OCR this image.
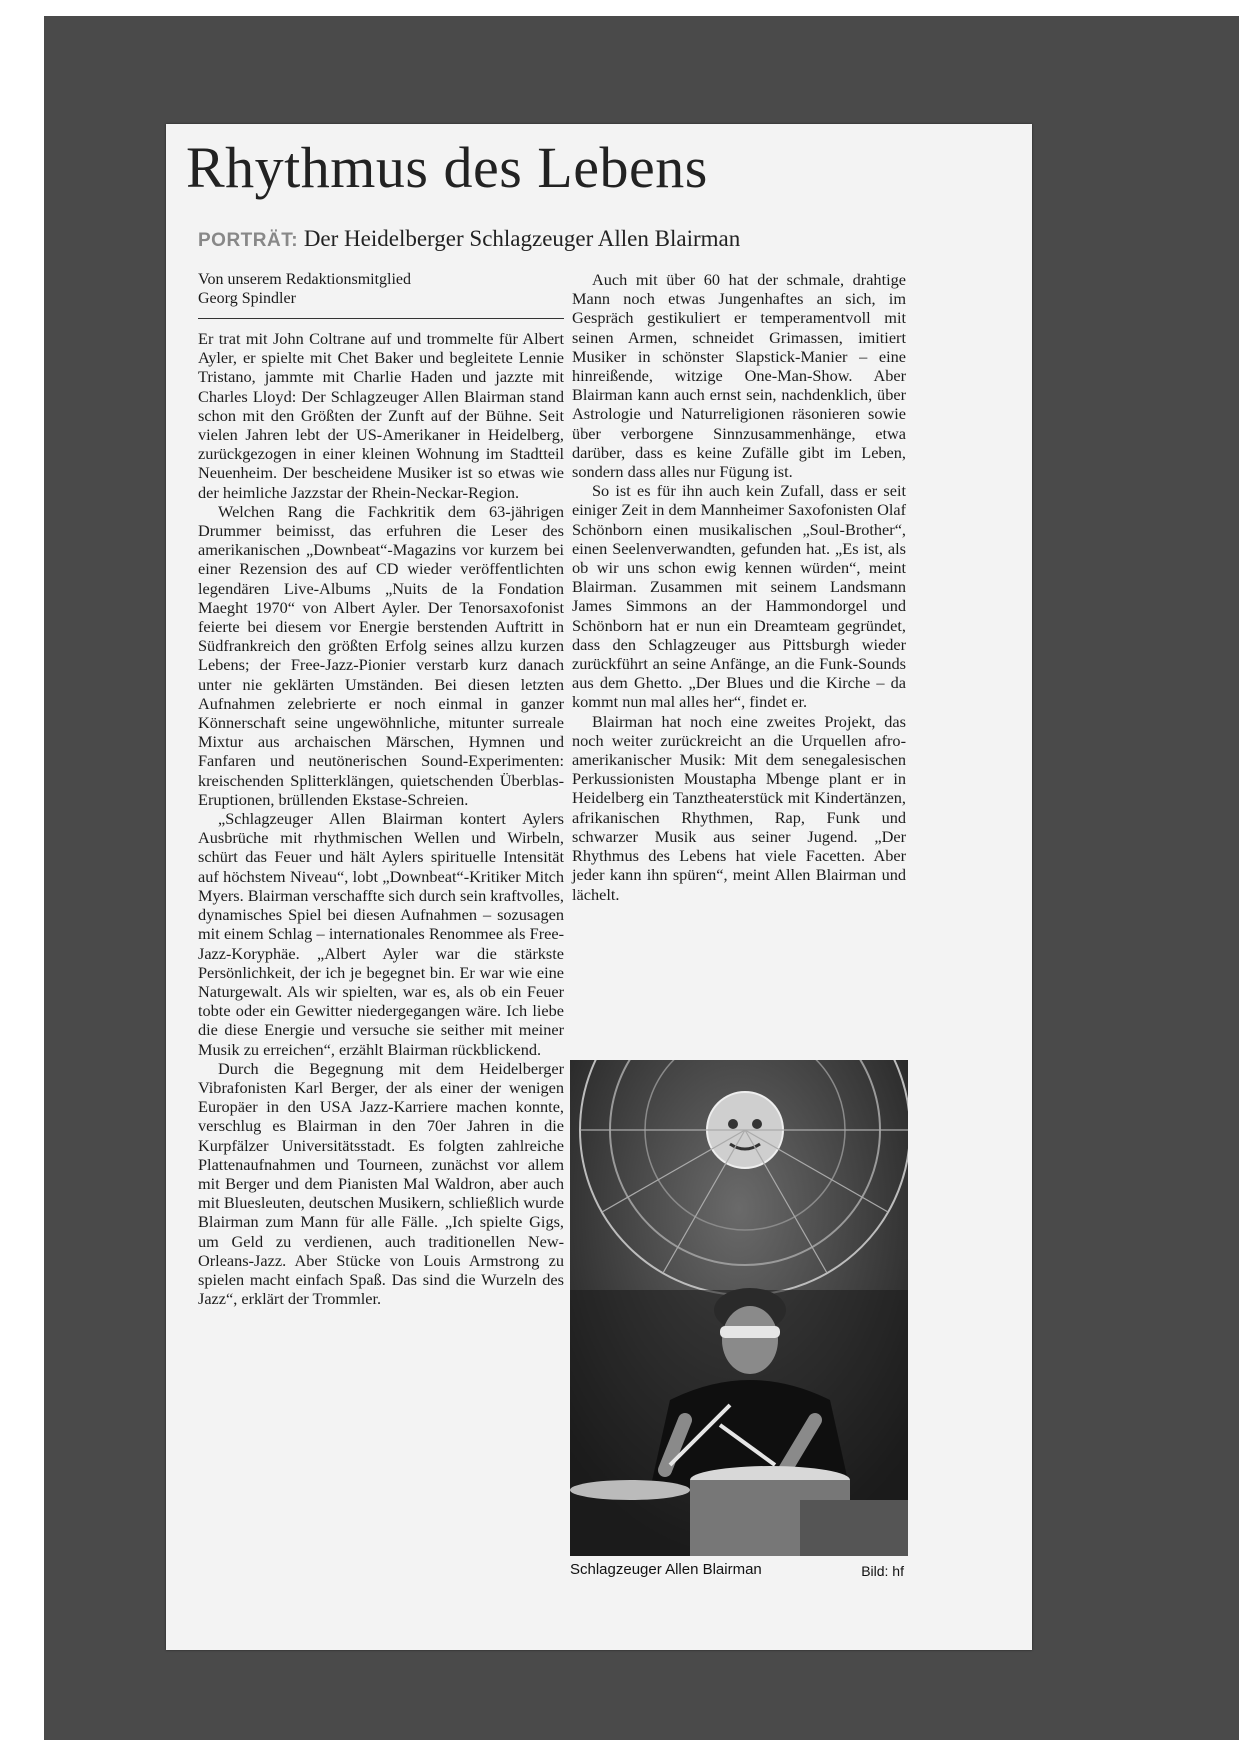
Rhythmus des Lebens
PORTRÄT: Der Heidelberger Schlagzeuger Allen Blairman
Von unserem Redaktionsmitglied
Georg Spindler

Er trat mit John Coltrane auf und trommelte für Albert Ayler, er spielte mit Chet Baker und begleitete Lennie Tristano, jammte mit Charlie Haden und jazzte mit Charles Lloyd: Der Schlagzeuger Allen Blairman stand schon mit den Größten der Zunft auf der Bühne. Seit vielen Jahren lebt der US-Amerikaner in Heidelberg, zurückgezogen in einer kleinen Wohnung im Stadtteil Neuenheim. Der bescheidene Musiker ist so etwas wie der heimliche Jazzstar der Rhein-Neckar-Region.

Welchen Rang die Fachkritik dem 63-jährigen Drummer beimisst, das erfuhren die Leser des amerikanischen „Downbeat“-Magazins vor kurzem bei einer Rezension des auf CD wieder veröffentlichten legendären Live-Albums „Nuits de la Fondation Maeght 1970“ von Albert Ayler. Der Tenorsaxofonist feierte bei diesem vor Energie berstenden Auftritt in Südfrankreich den größten Erfolg seines allzu kurzen Lebens; der Free-Jazz-Pionier verstarb kurz danach unter nie geklärten Umständen. Bei diesen letzten Aufnahmen zelebrierte er noch einmal in ganzer Könnerschaft seine ungewöhnliche, mitunter surreale Mixtur aus archaischen Märschen, Hymnen und Fanfaren und neutönerischen Sound-Experimenten: kreischenden Splitterklängen, quietschenden Überblas-Eruptionen, brüllenden Ekstase-Schreien.

„Schlagzeuger Allen Blairman kontert Aylers Ausbrüche mit rhythmischen Wellen und Wirbeln, schürt das Feuer und hält Aylers spirituelle Intensität auf höchstem Niveau“, lobt „Downbeat“-Kritiker Mitch Myers. Blairman verschaffte sich durch sein kraftvolles, dynamisches Spiel bei diesen Aufnahmen – sozusagen mit einem Schlag – internationales Renommee als Free-Jazz-Koryphäe. „Albert Ayler war die stärkste Persönlichkeit, der ich je begegnet bin. Er war wie eine Naturgewalt. Als wir spielten, war es, als ob ein Feuer tobte oder ein Gewitter niedergegangen wäre. Ich liebe die diese Energie und versuche sie seither mit meiner Musik zu erreichen“, erzählt Blairman rückblickend.

Durch die Begegnung mit dem Heidelberger Vibrafonisten Karl Berger, der als einer der wenigen Europäer in den USA Jazz-Karriere machen konnte, verschlug es Blairman in den 70er Jahren in die Kurpfälzer Universitätsstadt. Es folgten zahlreiche Plattenaufnahmen und Tourneen, zunächst vor allem mit Berger und dem Pianisten Mal Waldron, aber auch mit Bluesleuten, deutschen Musikern, schließlich wurde Blairman zum Mann für alle Fälle. „Ich spielte Gigs, um Geld zu verdienen, auch traditionellen New-Orleans-Jazz. Aber Stücke von Louis Armstrong zu spielen macht einfach Spaß. Das sind die Wurzeln des Jazz“, erklärt der Trommler.

Auch mit über 60 hat der schmale, drahtige Mann noch etwas Jungenhaftes an sich, im Gespräch gestikuliert er temperamentvoll mit seinen Armen, schneidet Grimassen, imitiert Musiker in schönster Slapstick-Manier – eine hinreißende, witzige One-Man-Show. Aber Blairman kann auch ernst sein, nachdenklich, über Astrologie und Naturreligionen räsonieren sowie über verborgene Sinnzusammenhänge, etwa darüber, dass es keine Zufälle gibt im Leben, sondern dass alles nur Fügung ist.

So ist es für ihn auch kein Zufall, dass er seit einiger Zeit in dem Mannheimer Saxofonisten Olaf Schönborn einen musikalischen „Soul-Brother“, einen Seelenverwandten, gefunden hat. „Es ist, als ob wir uns schon ewig kennen würden“, meint Blairman. Zusammen mit seinem Landsmann James Simmons an der Hammondorgel und Schönborn hat er nun ein Dreamteam gegründet, dass den Schlagzeuger aus Pittsburgh wieder zurückführt an seine Anfänge, an die Funk-Sounds aus dem Ghetto. „Der Blues und die Kirche – da kommt nun mal alles her“, findet er.

Blairman hat noch eine zweites Projekt, das noch weiter zurückreicht an die Urquellen afro-amerikanischer Musik: Mit dem senegalesischen Perkussionisten Moustapha Mbenge plant er in Heidelberg ein Tanztheaterstück mit Kindertänzen, afrikanischen Rhythmen, Rap, Funk und schwarzer Musik aus seiner Jugend. „Der Rhythmus des Lebens hat viele Facetten. Aber jeder kann ihn spüren“, meint Allen Blairman und lächelt.

Schlagzeuger Allen Blairman	Bild: hf
